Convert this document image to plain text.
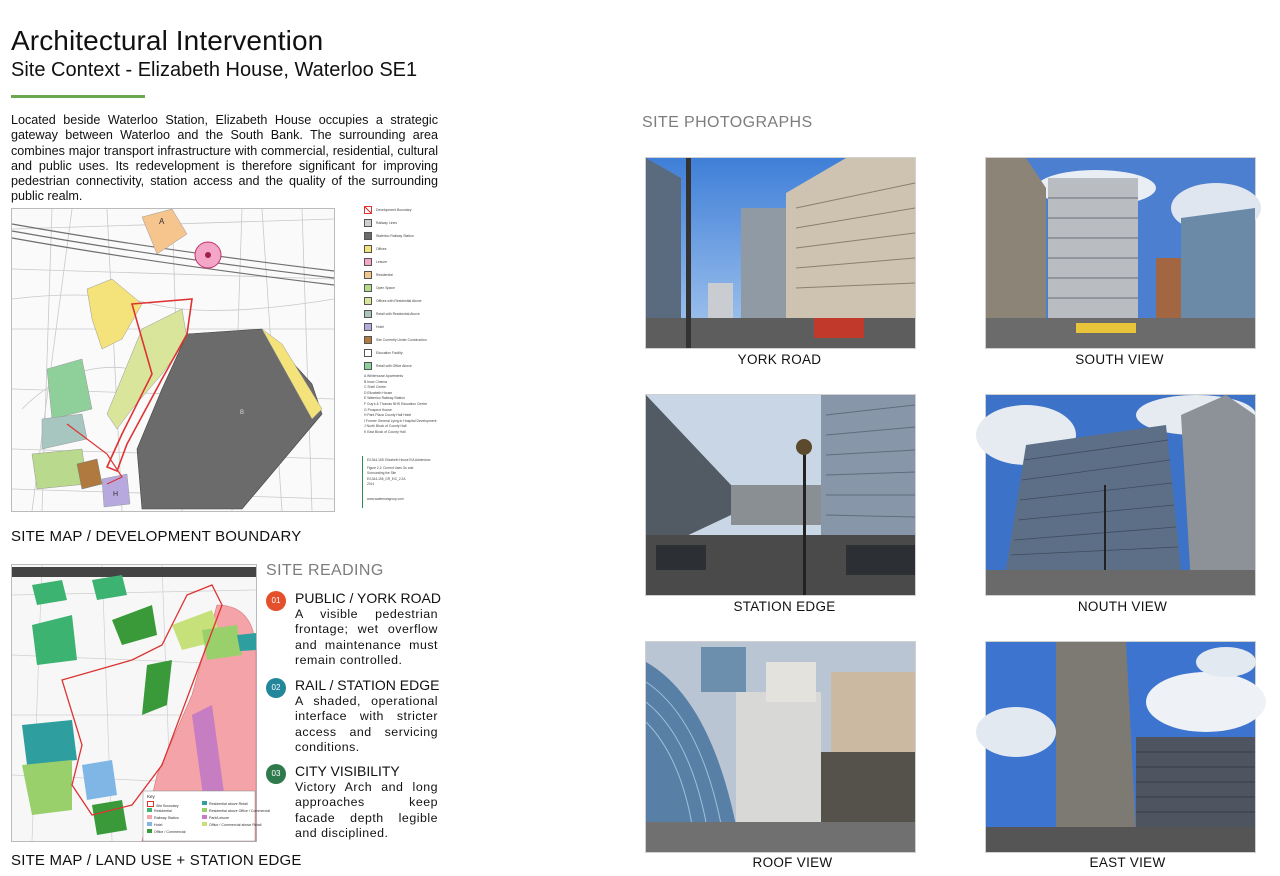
Architectural Intervention
Site Context - Elizabeth House, Waterloo SE1

Located beside Waterloo Station, Elizabeth House occupies a strategic gateway between Waterloo and the South Bank. The surrounding area combines major transport infrastructure with commercial, residential, cultural and public uses. Its redevelopment is therefore significant for improving pedestrian connectivity, station access and the quality of the surrounding public realm.

A
H
B
Development Boundary
Railway Lines
Waterloo Railway Station
Offices
Leisure
Residential
Open Space
Offices with Residential Above
Retail with Residential Above
Hotel
Site Currently Under Construction
Education Facility
Retail with Office Above
A Whitehouse Apartments
B Imax Cinema
C Shell Centre
D Elizabeth House
E Waterloo Railway Station
F Guy's & Thomas NHS Education Centre
G Prospect House
H Park Plaza County Hall Hotel
I Former General Lying in Hospital Development
J North Block of County Hall
K East Block of County Hall
E/1344-155: Elizabeth House EIA Addendum
Figure 2.2: Current Uses On and
Surrounding the Site
E/1344-155_GR_EIC_2.2A
2014
www.watermangroup.com
SITE MAP / DEVELOPMENT BOUNDARY
Key
Site Boundary
Residential
Railway Station
Hotel
Office / Commercial
Residential above Retail
Residential above Office / Commercial
Park/Leisure
Office / Commercial above Retail
SITE MAP / LAND USE + STATION EDGE
SITE READING
01	PUBLIC / YORK ROAD
A visible pedestrian frontage; wet overflow and maintenance must remain controlled.
02	RAIL / STATION EDGE
A shaded, operational interface with stricter access and servicing conditions.
03	CITY VISIBILITY
Victory Arch and long approaches keep facade depth legible and disciplined.
SITE PHOTOGRAPHS
YORK ROAD	SOUTH VIEW
STATION EDGE	NOUTH VIEW
ROOF VIEW	EAST VIEW
